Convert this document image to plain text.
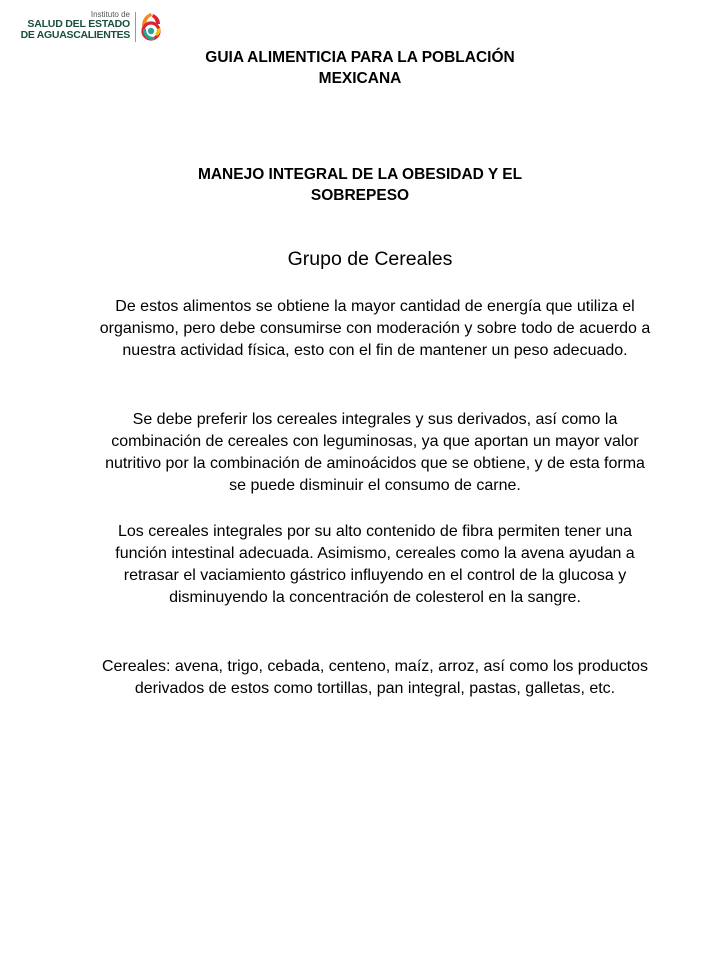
Instituto de
SALUD DEL ESTADO
DE AGUASCALIENTES
GUIA ALIMENTICIA PARA LA POBLACIÓN
MEXICANA
MANEJO INTEGRAL DE LA OBESIDAD Y EL
SOBREPESO
Grupo de Cereales
De estos alimentos se obtiene la mayor cantidad de energía que utiliza el organismo, pero debe consumirse con moderación y sobre todo de acuerdo a nuestra actividad física, esto con el fin de mantener un peso adecuado.
Se debe preferir los cereales integrales y sus derivados, así como la combinación de cereales con leguminosas, ya que aportan un mayor valor nutritivo por la combinación de aminoácidos que se obtiene, y de esta forma se puede disminuir el consumo de carne.
Los cereales integrales por su alto contenido de fibra permiten tener una función intestinal adecuada. Asimismo, cereales como la avena ayudan a retrasar el vaciamiento gástrico influyendo en el control de la glucosa y disminuyendo la concentración de colesterol en la sangre.
Cereales: avena, trigo, cebada, centeno, maíz, arroz, así como los productos derivados de estos como tortillas, pan integral, pastas, galletas, etc.
